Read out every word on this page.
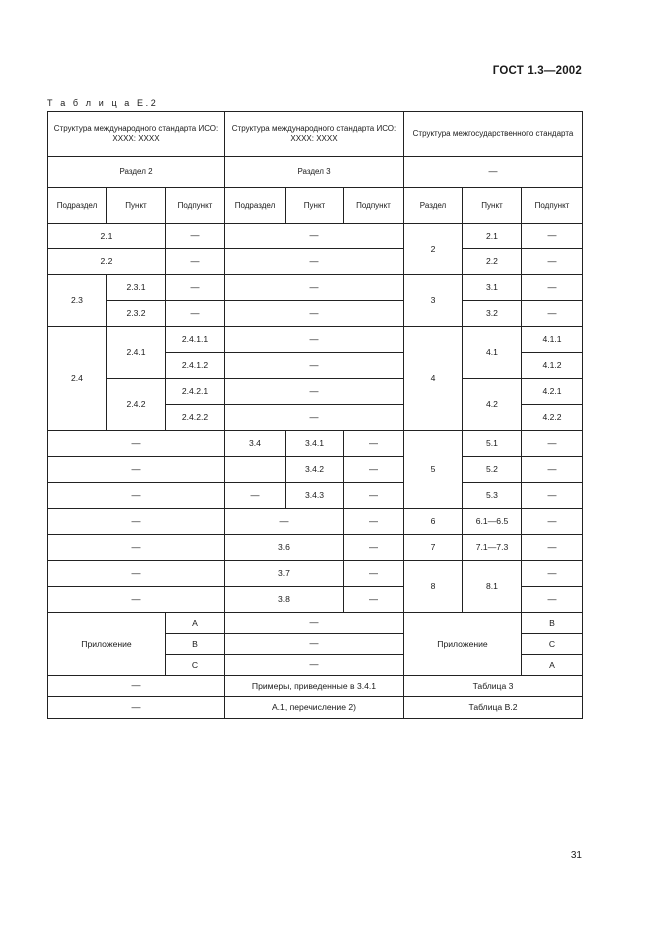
ГОСТ 1.3—2002
Т а б л и ц а Е.2
Структура международного стандарта ИСО: XXXX: XXXX			Структура международного стандарта ИСО: XXXX: XXXX			Структура межгосударственного стандарта		
Раздел 2			Раздел 3			—		
Подраздел	Пункт	Подпункт	Подраздел	Пункт	Подпункт	Раздел	Пункт	Подпункт
2.1		—	—			2	2.1	—
2.2		—	—				2.2	—
2.3	2.3.1	—	—			3	3.1	—
	2.3.2	—	—				3.2	—
2.4	2.4.1	2.4.1.1	—			4	4.1	4.1.1
		2.4.1.2	—					4.1.2
	2.4.2	2.4.2.1	—				4.2	4.2.1
		2.4.2.2	—					4.2.2
—			3.4	3.4.1	—	5	5.1	—
—				3.4.2	—		5.2	—
—			—	3.4.3	—		5.3	—
—			—		—	6	6.1—6.5	—
—			3.6		—	7	7.1—7.3	—
—			3.7		—	8	8.1	—
—			3.8		—			—
Приложение		А	—			Приложение		В
		В	—					С
		С	—					А
—			Примеры, приведенные в 3.4.1			Таблица 3		
—			А.1, перечисление 2)			Таблица В.2		
31
